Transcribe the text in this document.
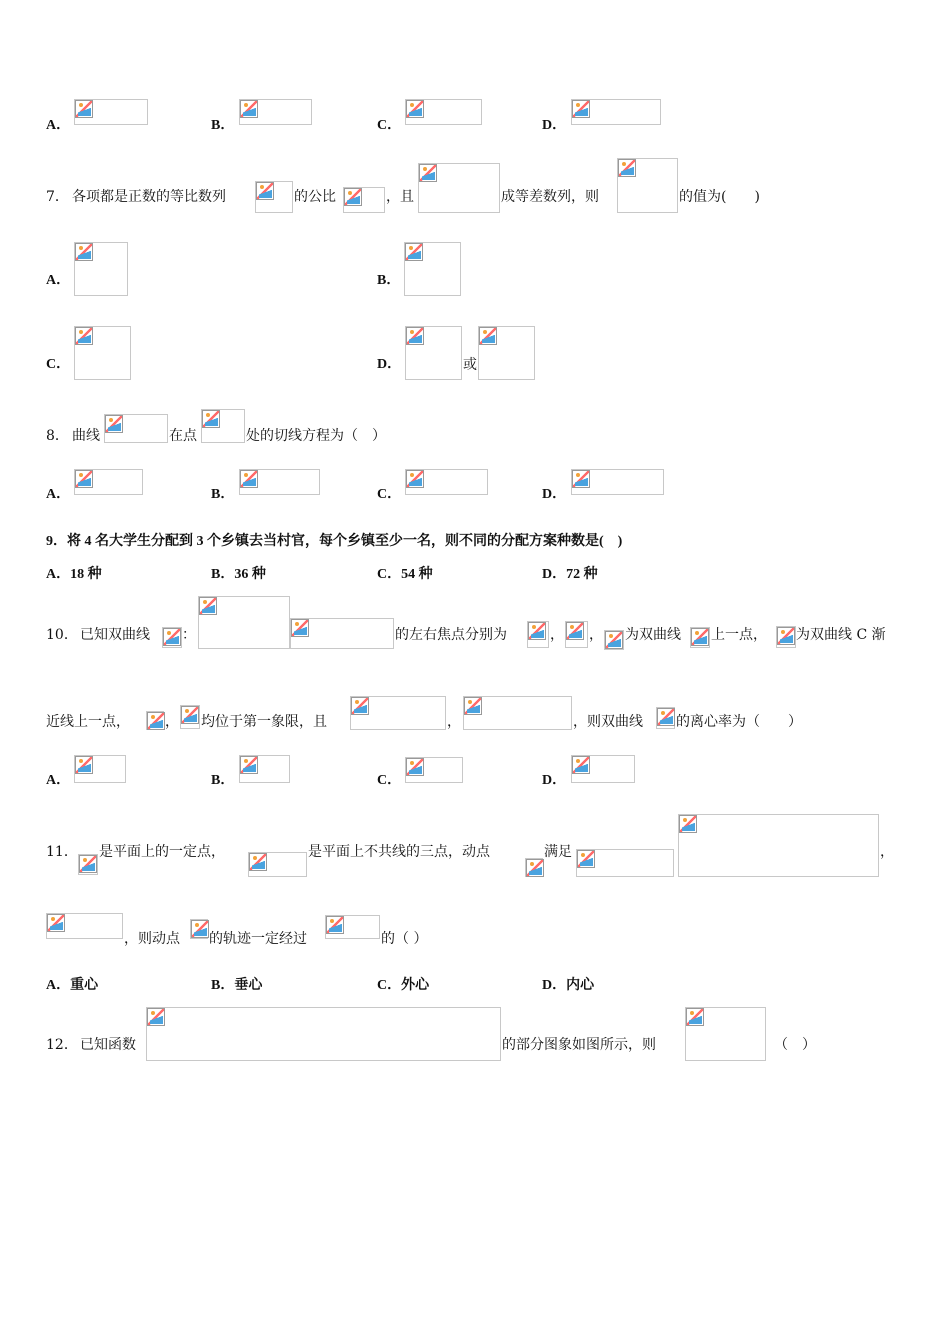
A．	B．	C．	D．
7． 各项都是正数的等比数列	的公比	，且	成等差数列，则	的值为(　　)
A．	B．
C．	D．	或
8． 曲线	在点	处的切线方程为（　）
A．	B．	C．	D．
9．将 4 名大学生分配到 3 个乡镇去当村官，每个乡镇至少一名，则不同的分配方案种数是(　)
A．18 种	B．36 种	C．54 种	D．72 种
10． 已知双曲线 ：	的左右焦点分别为	， ， 为双曲线 上一点， 为双曲线 C 渐
近线上一点，	， 均位于第一象限，且	，	，则双曲线 的离心率为（　　）
A．	B．	C．	D．
11． 是平面上的一定点，	是平面上不共线的三点，动点	满足	，
，则动点 的轨迹一定经过	的（ ）
A．重心	B．垂心	C．外心	D．内心
12． 已知函数	的部分图象如图所示，则	（　）
